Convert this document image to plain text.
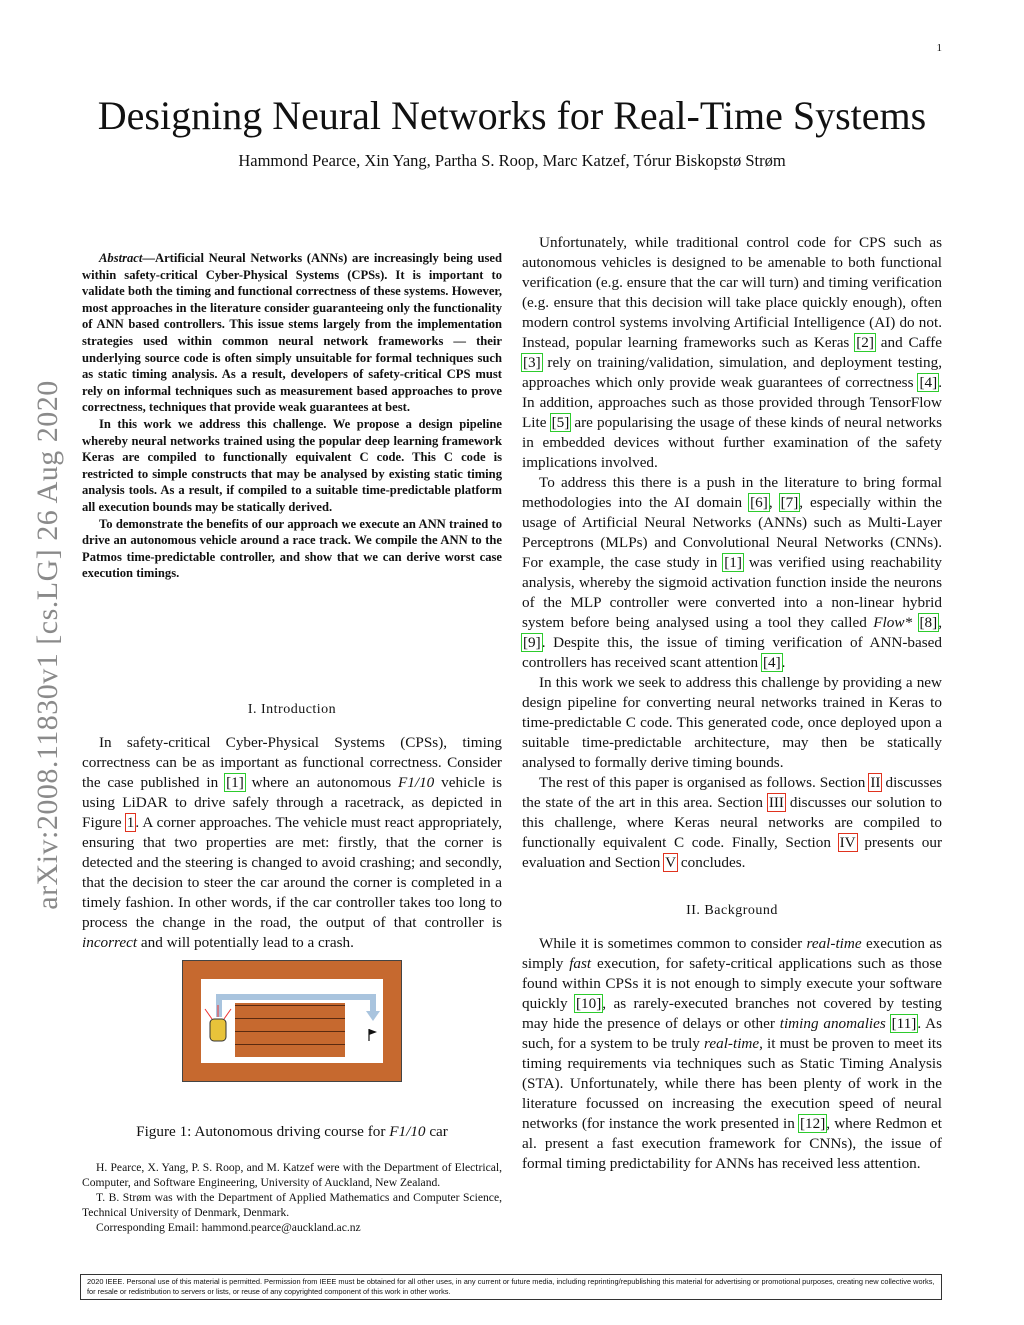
1
Designing Neural Networks for Real-Time Systems
Hammond Pearce, Xin Yang, Partha S. Roop, Marc Katzef, Tórur Biskopstø Strøm
arXiv:2008.11830v1 [cs.LG] 26 Aug 2020

Abstract—Artificial Neural Networks (ANNs) are increasingly being used within safety-critical Cyber-Physical Systems (CPSs). It is important to validate both the timing and functional correctness of these systems. However, most approaches in the literature consider guaranteeing only the functionality of ANN based controllers. This issue stems largely from the implementation strategies used within common neural network frameworks — their underlying source code is often simply unsuitable for formal techniques such as static timing analysis. As a result, developers of safety-critical CPS must rely on informal techniques such as measurement based approaches to prove correctness, techniques that provide weak guarantees at best.

In this work we address this challenge. We propose a design pipeline whereby neural networks trained using the popular deep learning framework Keras are compiled to functionally equivalent C code. This C code is restricted to simple constructs that may be analysed by existing static timing analysis tools. As a result, if compiled to a suitable time-predictable platform all execution bounds may be statically derived.

To demonstrate the benefits of our approach we execute an ANN trained to drive an autonomous vehicle around a race track. We compile the ANN to the Patmos time-predictable controller, and show that we can derive worst case execution timings.

I. Introduction

In safety-critical Cyber-Physical Systems (CPSs), timing correctness can be as important as functional correctness. Consider the case published in [1] where an autonomous F1/10 vehicle is using LiDAR to drive safely through a racetrack, as depicted in Figure 1. A corner approaches. The vehicle must react appropriately, ensuring that two properties are met: firstly, that the corner is detected and the steering is changed to avoid crashing; and secondly, that the decision to steer the car around the corner is completed in a timely fashion. In other words, if the car controller takes too long to process the change in the road, the output of that controller is incorrect and will potentially lead to a crash.

Figure 1: Autonomous driving course for F1/10 car

H. Pearce, X. Yang, P. S. Roop, and M. Katzef were with the Department of Electrical, Computer, and Software Engineering, University of Auckland, New Zealand.

T. B. Strøm was with the Department of Applied Mathematics and Computer Science, Technical University of Denmark, Denmark.

Corresponding Email: hammond.pearce@auckland.ac.nz

Unfortunately, while traditional control code for CPS such as autonomous vehicles is designed to be amenable to both functional verification (e.g. ensure that the car will turn) and timing verification (e.g. ensure that this decision will take place quickly enough), often modern control systems involving Artificial Intelligence (AI) do not. Instead, popular learning frameworks such as Keras [2] and Caffe [3] rely on training/validation, simulation, and deployment testing, approaches which only provide weak guarantees of correctness [4]. In addition, approaches such as those provided through TensorFlow Lite [5] are popularising the usage of these kinds of neural networks in embedded devices without further examination of the safety implications involved.

To address this there is a push in the literature to bring formal methodologies into the AI domain [6], [7], especially within the usage of Artificial Neural Networks (ANNs) such as Multi-Layer Perceptrons (MLPs) and Convolutional Neural Networks (CNNs). For example, the case study in [1] was verified using reachability analysis, whereby the sigmoid activation function inside the neurons of the MLP controller were converted into a non-linear hybrid system before being analysed using a tool they called Flow* [8], [9]. Despite this, the issue of timing verification of ANN-based controllers has received scant attention [4].

In this work we seek to address this challenge by providing a new design pipeline for converting neural networks trained in Keras to time-predictable C code. This generated code, once deployed upon a suitable time-predictable architecture, may then be statically analysed to formally derive timing bounds.

The rest of this paper is organised as follows. Section II discusses the state of the art in this area. Section III discusses our solution to this challenge, where Keras neural networks are compiled to functionally equivalent C code. Finally, Section IV presents our evaluation and Section V concludes.

II. Background

While it is sometimes common to consider real-time execution as simply fast execution, for safety-critical applications such as those found within CPSs it is not enough to simply execute your software quickly [10], as rarely-executed branches not covered by testing may hide the presence of delays or other timing anomalies [11]. As such, for a system to be truly real-time, it must be proven to meet its timing requirements via techniques such as Static Timing Analysis (STA). Unfortunately, while there has been plenty of work in the literature focussed on increasing the execution speed of neural networks (for instance the work presented in [12], where Redmon et al. present a fast execution framework for CNNs), the issue of formal timing predictability for ANNs has received less attention.

2020 IEEE. Personal use of this material is permitted. Permission from IEEE must be obtained for all other uses, in any current or future media, including reprinting/republishing this material for advertising or promotional purposes, creating new collective works, for resale or redistribution to servers or lists, or reuse of any copyrighted component of this work in other works.
